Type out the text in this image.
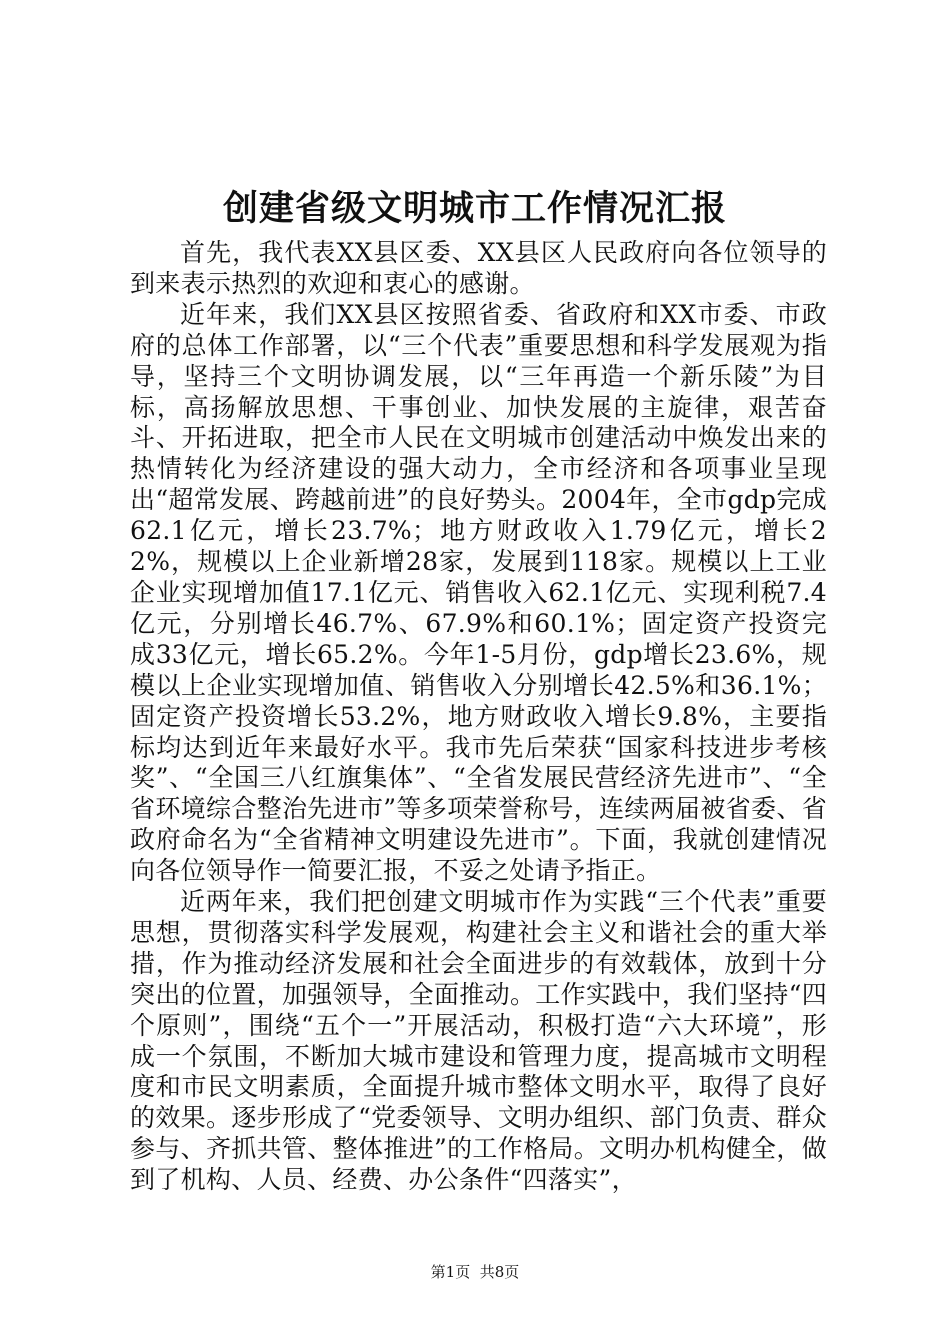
创建省级文明城市工作情况汇报

首先，我代表XX县区委、XX县区人民政府向各位领导的到来表示热烈的欢迎和衷心的感谢。

近年来，我们XX县区按照省委、省政府和XX市委、市政府的总体工作部署，以“三个代表”重要思想和科学发展观为指导，坚持三个文明协调发展，以“三年再造一个新乐陵”为目标，高扬解放思想、干事创业、加快发展的主旋律，艰苦奋斗、开拓进取，把全市人民在文明城市创建活动中焕发出来的热情转化为经济建设的强大动力，全市经济和各项事业呈现出“超常发展、跨越前进”的良好势头。2004年，全市gdp完成62.1亿元，增长23.7%；地方财政收入1.79亿元，增长22%，规模以上企业新增28家，发展到118家。规模以上工业企业实现增加值17.1亿元、销售收入62.1亿元、实现利税7.4亿元，分别增长46.7%、67.9%和60.1%；固定资产投资完成33亿元，增长65.2%。今年1-5月份，gdp增长23.6%，规模以上企业实现增加值、销售收入分别增长42.5%和36.1%；固定资产投资增长53.2%，地方财政收入增长9.8%，主要指标均达到近年来最好水平。我市先后荣获“国家科技进步考核奖”、“全国三八红旗集体”、“全省发展民营经济先进市”、“全省环境综合整治先进市”等多项荣誉称号，连续两届被省委、省政府命名为“全省精神文明建设先进市”。下面，我就创建情况向各位领导作一简要汇报，不妥之处请予指正。

近两年来，我们把创建文明城市作为实践“三个代表”重要思想，贯彻落实科学发展观，构建社会主义和谐社会的重大举措，作为推动经济发展和社会全面进步的有效载体，放到十分突出的位置，加强领导，全面推动。工作实践中，我们坚持“四个原则”，围绕“五个一”开展活动，积极打造“六大环境”，形成一个氛围，不断加大城市建设和管理力度，提高城市文明程度和市民文明素质，全面提升城市整体文明水平，取得了良好的效果。逐步形成了“党委领导、文明办组织、部门负责、群众参与、齐抓共管、整体推进”的工作格局。文明办机构健全，做到了机构、人员、经费、办公条件“四落实”，

第1页 共8页
